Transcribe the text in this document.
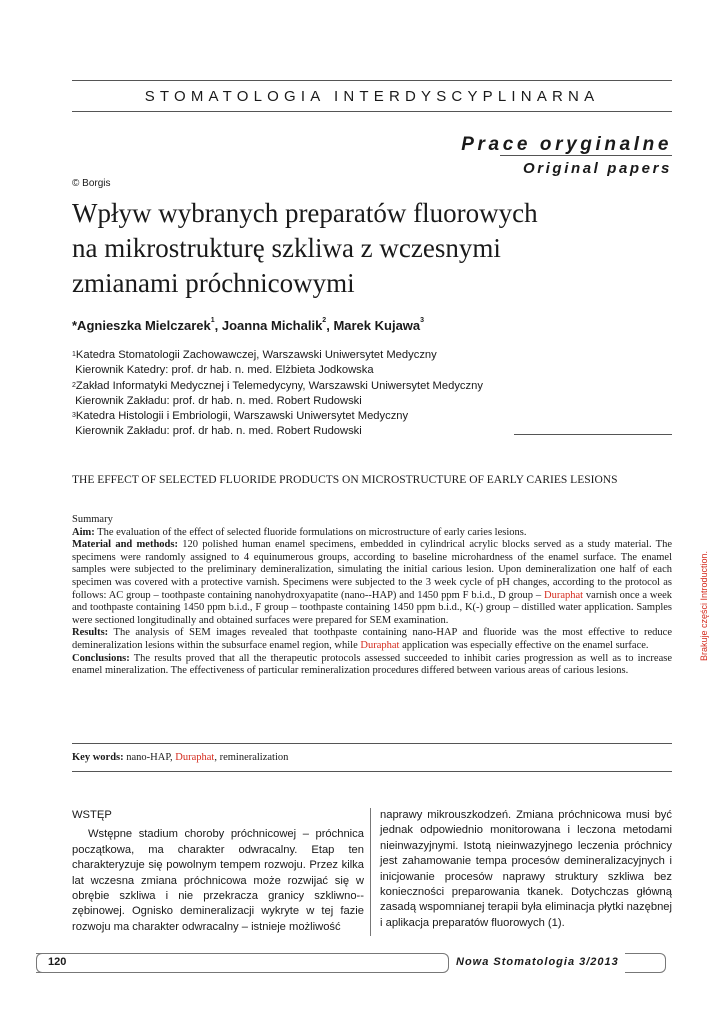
STOMATOLOGIA INTERDYSCYPLINARNA
Prace oryginalne
Original papers
© Borgis
Wpływ wybranych preparatów fluorowych
na mikrostrukturę szkliwa z wczesnymi
zmianami próchnicowymi
*Agnieszka Mielczarek$^1$, Joanna Michalik$^2$, Marek Kujawa$^3$
$^1$Katedra Stomatologii Zachowawczej, Warszawski Uniwersytet Medyczny
Kierownik Katedry: prof. dr hab. n. med. Elżbieta Jodkowska
$^2$Zakład Informatyki Medycznej i Telemedycyny, Warszawski Uniwersytet Medyczny
Kierownik Zakładu: prof. dr hab. n. med. Robert Rudowski
$^3$Katedra Histologii i Embriologii, Warszawski Uniwersytet Medyczny
Kierownik Zakładu: prof. dr hab. n. med. Robert Rudowski
THE EFFECT OF SELECTED FLUORIDE PRODUCTS ON MICROSTRUCTURE OF EARLY CARIES LESIONS

Summary

Aim: The evaluation of the effect of selected fluoride formulations on microstructure of early caries lesions.

Material and methods: 120 polished human enamel specimens, embedded in cylindrical acrylic blocks served as a study material. The specimens were randomly assigned to 4 equinumerous groups, according to baseline microhardness of the enamel surface. The enamel samples were subjected to the preliminary demineralization, simulating the initial carious lesion. Upon demineralization one half of each specimen was covered with a protective varnish. Specimens were subjected to the 3 week cycle of pH changes, according to the protocol as follows: AC group – toothpaste containing nanohydroxyapatite (nano--HAP) and 1450 ppm F b.i.d., D group – Duraphat varnish once a week and toothpaste containing 1450 ppm b.i.d., F group – toothpaste containing 1450 ppm b.i.d., K(-) group – distilled water application. Samples were sectioned longitudinally and obtained surfaces were prepared for SEM examination.

Results: The analysis of SEM images revealed that toothpaste containing nano-HAP and fluoride was the most effective to reduce demineralization lesions within the subsurface enamel region, while Duraphat application was especially effective on the enamel surface.

Conclusions: The results proved that all the therapeutic protocols assessed succeeded to inhibit caries progression as well as to increase enamel mineralization. The effectiveness of particular remineralization procedures differed between various areas of carious lesions.

Key words: nano-HAP, Duraphat, remineralization
Brakuje części Introduction.
WSTĘP
Wstępne stadium choroby próchnicowej – próchnica początkowa, ma charakter odwracalny. Etap ten charakteryzuje się powolnym tempem rozwoju. Przez kilka lat wczesna zmiana próchnicowa może rozwijać się w obrębie szkliwa i nie przekracza granicy szkliwno--zębinowej. Ognisko demineralizacji wykryte w tej fazie rozwoju ma charakter odwracalny – istnieje możliwość
naprawy mikrouszkodzeń. Zmiana próchnicowa musi być jednak odpowiednio monitorowana i leczona metodami nieinwazyjnymi. Istotą nieinwazyjnego leczenia próchnicy jest zahamowanie tempa procesów demineralizacyjnych i inicjowanie procesów naprawy struktury szkliwa bez konieczności preparowania tkanek. Dotychczas główną zasadą wspomnianej terapii była eliminacja płytki nazębnej i aplikacja preparatów fluorowych (1).
120	Nowa Stomatologia 3/2013
